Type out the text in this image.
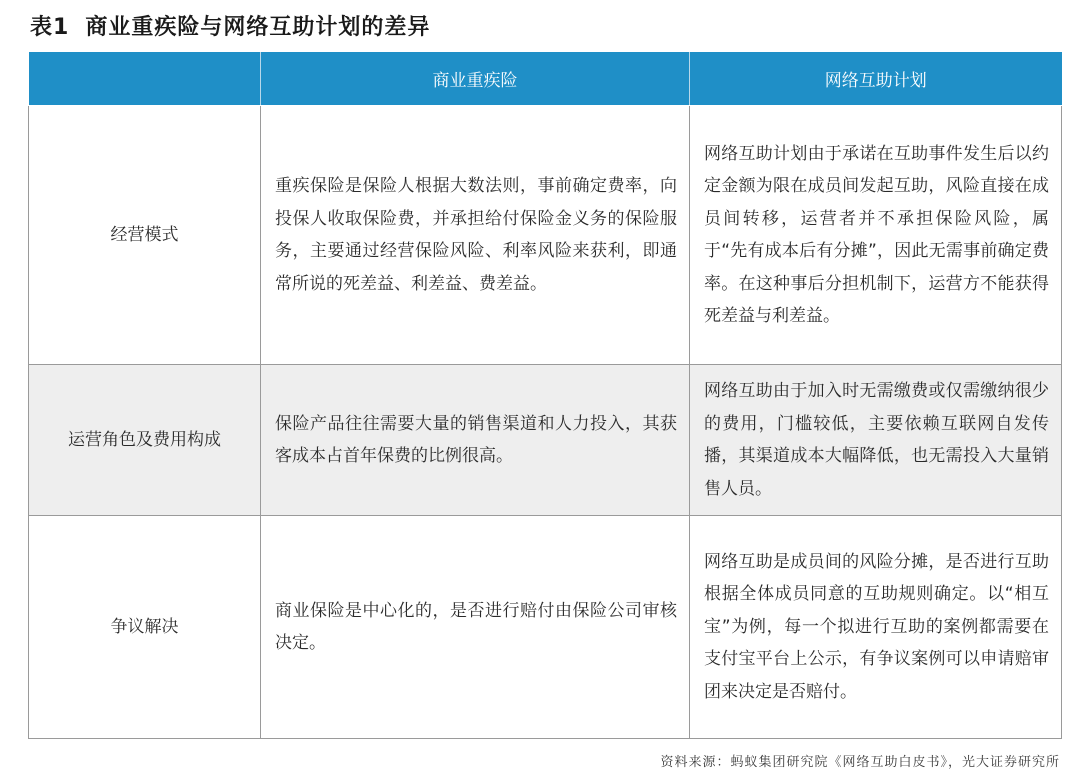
表1 商业重疾险与网络互助计划的差异
	商业重疾险	网络互助计划
经营模式	重疾保险是保险人根据大数法则，事前确定费率，向投保人收取保险费，并承担给付保险金义务的保险服务，主要通过经营保险风险、利率风险来获利，即通常所说的死差益、利差益、费差益。	网络互助计划由于承诺在互助事件发生后以约定金额为限在成员间发起互助，风险直接在成员间转移，运营者并不承担保险风险，属于“先有成本后有分摊”，因此无需事前确定费率。在这种事后分担机制下，运营方不能获得死差益与利差益。
运营角色及费用构成	保险产品往往需要大量的销售渠道和人力投入，其获客成本占首年保费的比例很高。	网络互助由于加入时无需缴费或仅需缴纳很少的费用，门槛较低，主要依赖互联网自发传播，其渠道成本大幅降低，也无需投入大量销售人员。
争议解决	商业保险是中心化的，是否进行赔付由保险公司审核决定。	网络互助是成员间的风险分摊，是否进行互助根据全体成员同意的互助规则确定。以“相互宝”为例，每一个拟进行互助的案例都需要在支付宝平台上公示，有争议案例可以申请赔审团来决定是否赔付。
资料来源：蚂蚁集团研究院《网络互助白皮书》，光大证券研究所
